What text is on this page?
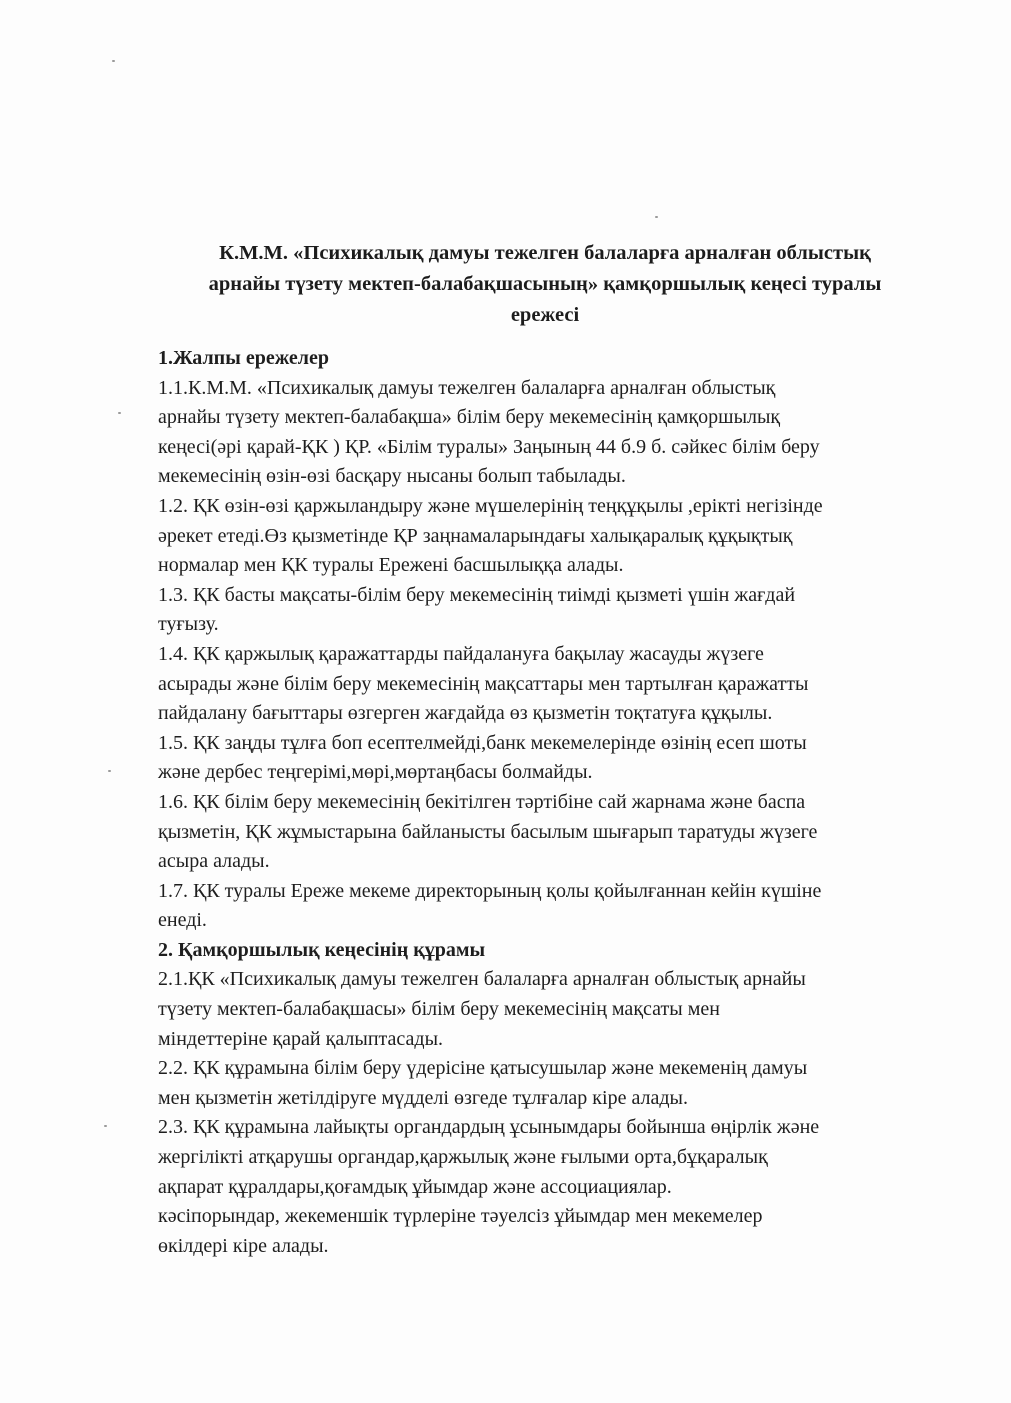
К.М.М. «Психикалық дамуы тежелген балаларға арналған облыстық
арнайы түзету мектеп-балабақшасының» қамқоршылық кеңесі туралы
ережесі
1.Жалпы ережелер
1.1.К.М.М. «Психикалық дамуы тежелген балаларға арналған облыстық
арнайы түзету мектеп-балабақша» білім беру мекемесінің қамқоршылық
кеңесі(әрі қарай-ҚК ) ҚР. «Білім туралы» Заңының 44 б.9 б. сәйкес білім беру
мекемесінің өзін-өзі басқару нысаны болып табылады.
1.2. ҚК өзін-өзі қаржыландыру және мүшелерінің теңқұқылы ,ерікті негізінде
әрекет етеді.Өз қызметінде ҚР заңнамаларындағы халықаралық құқықтық
нормалар мен ҚК туралы Ережені басшылыққа алады.
1.3. ҚК басты мақсаты-білім беру мекемесінің тиімді қызметі үшін жағдай
туғызу.
1.4. ҚК қаржылық қаражаттарды пайдалануға бақылау жасауды жүзеге
асырады және білім беру мекемесінің мақсаттары мен тартылған қаражатты
пайдалану бағыттары өзгерген жағдайда өз қызметін тоқтатуға құқылы.
1.5. ҚК заңды тұлға боп есептелмейді,банк мекемелерінде өзінің есеп шоты
және дербес теңгерімі,мөрі,мөртаңбасы болмайды.
1.6. ҚК білім беру мекемесінің бекітілген тәртібіне сай жарнама және баспа
қызметін, ҚК жұмыстарына байланысты басылым шығарып таратуды жүзеге
асыра алады.
1.7. ҚК туралы Ереже мекеме директорының қолы қойылғаннан кейін күшіне
енеді.
2. Қамқоршылық кеңесінің құрамы
2.1.ҚК «Психикалық дамуы тежелген балаларға арналған облыстық арнайы
түзету мектеп-балабақшасы» білім беру мекемесінің мақсаты мен
міндеттеріне қарай қалыптасады.
2.2. ҚК құрамына білім беру үдерісіне қатысушылар және мекеменің дамуы
мен қызметін жетілдіруге мүдделі өзгеде тұлғалар кіре алады.
2.3. ҚК құрамына лайықты органдардың ұсынымдары бойынша өңірлік және
жергілікті атқарушы органдар,қаржылық және ғылыми орта,бұқаралық
ақпарат құралдары,қоғамдық ұйымдар және ассоциациялар.
кәсіпорындар, жекеменшік түрлеріне тәуелсіз ұйымдар мен мекемелер
өкілдері кіре алады.
